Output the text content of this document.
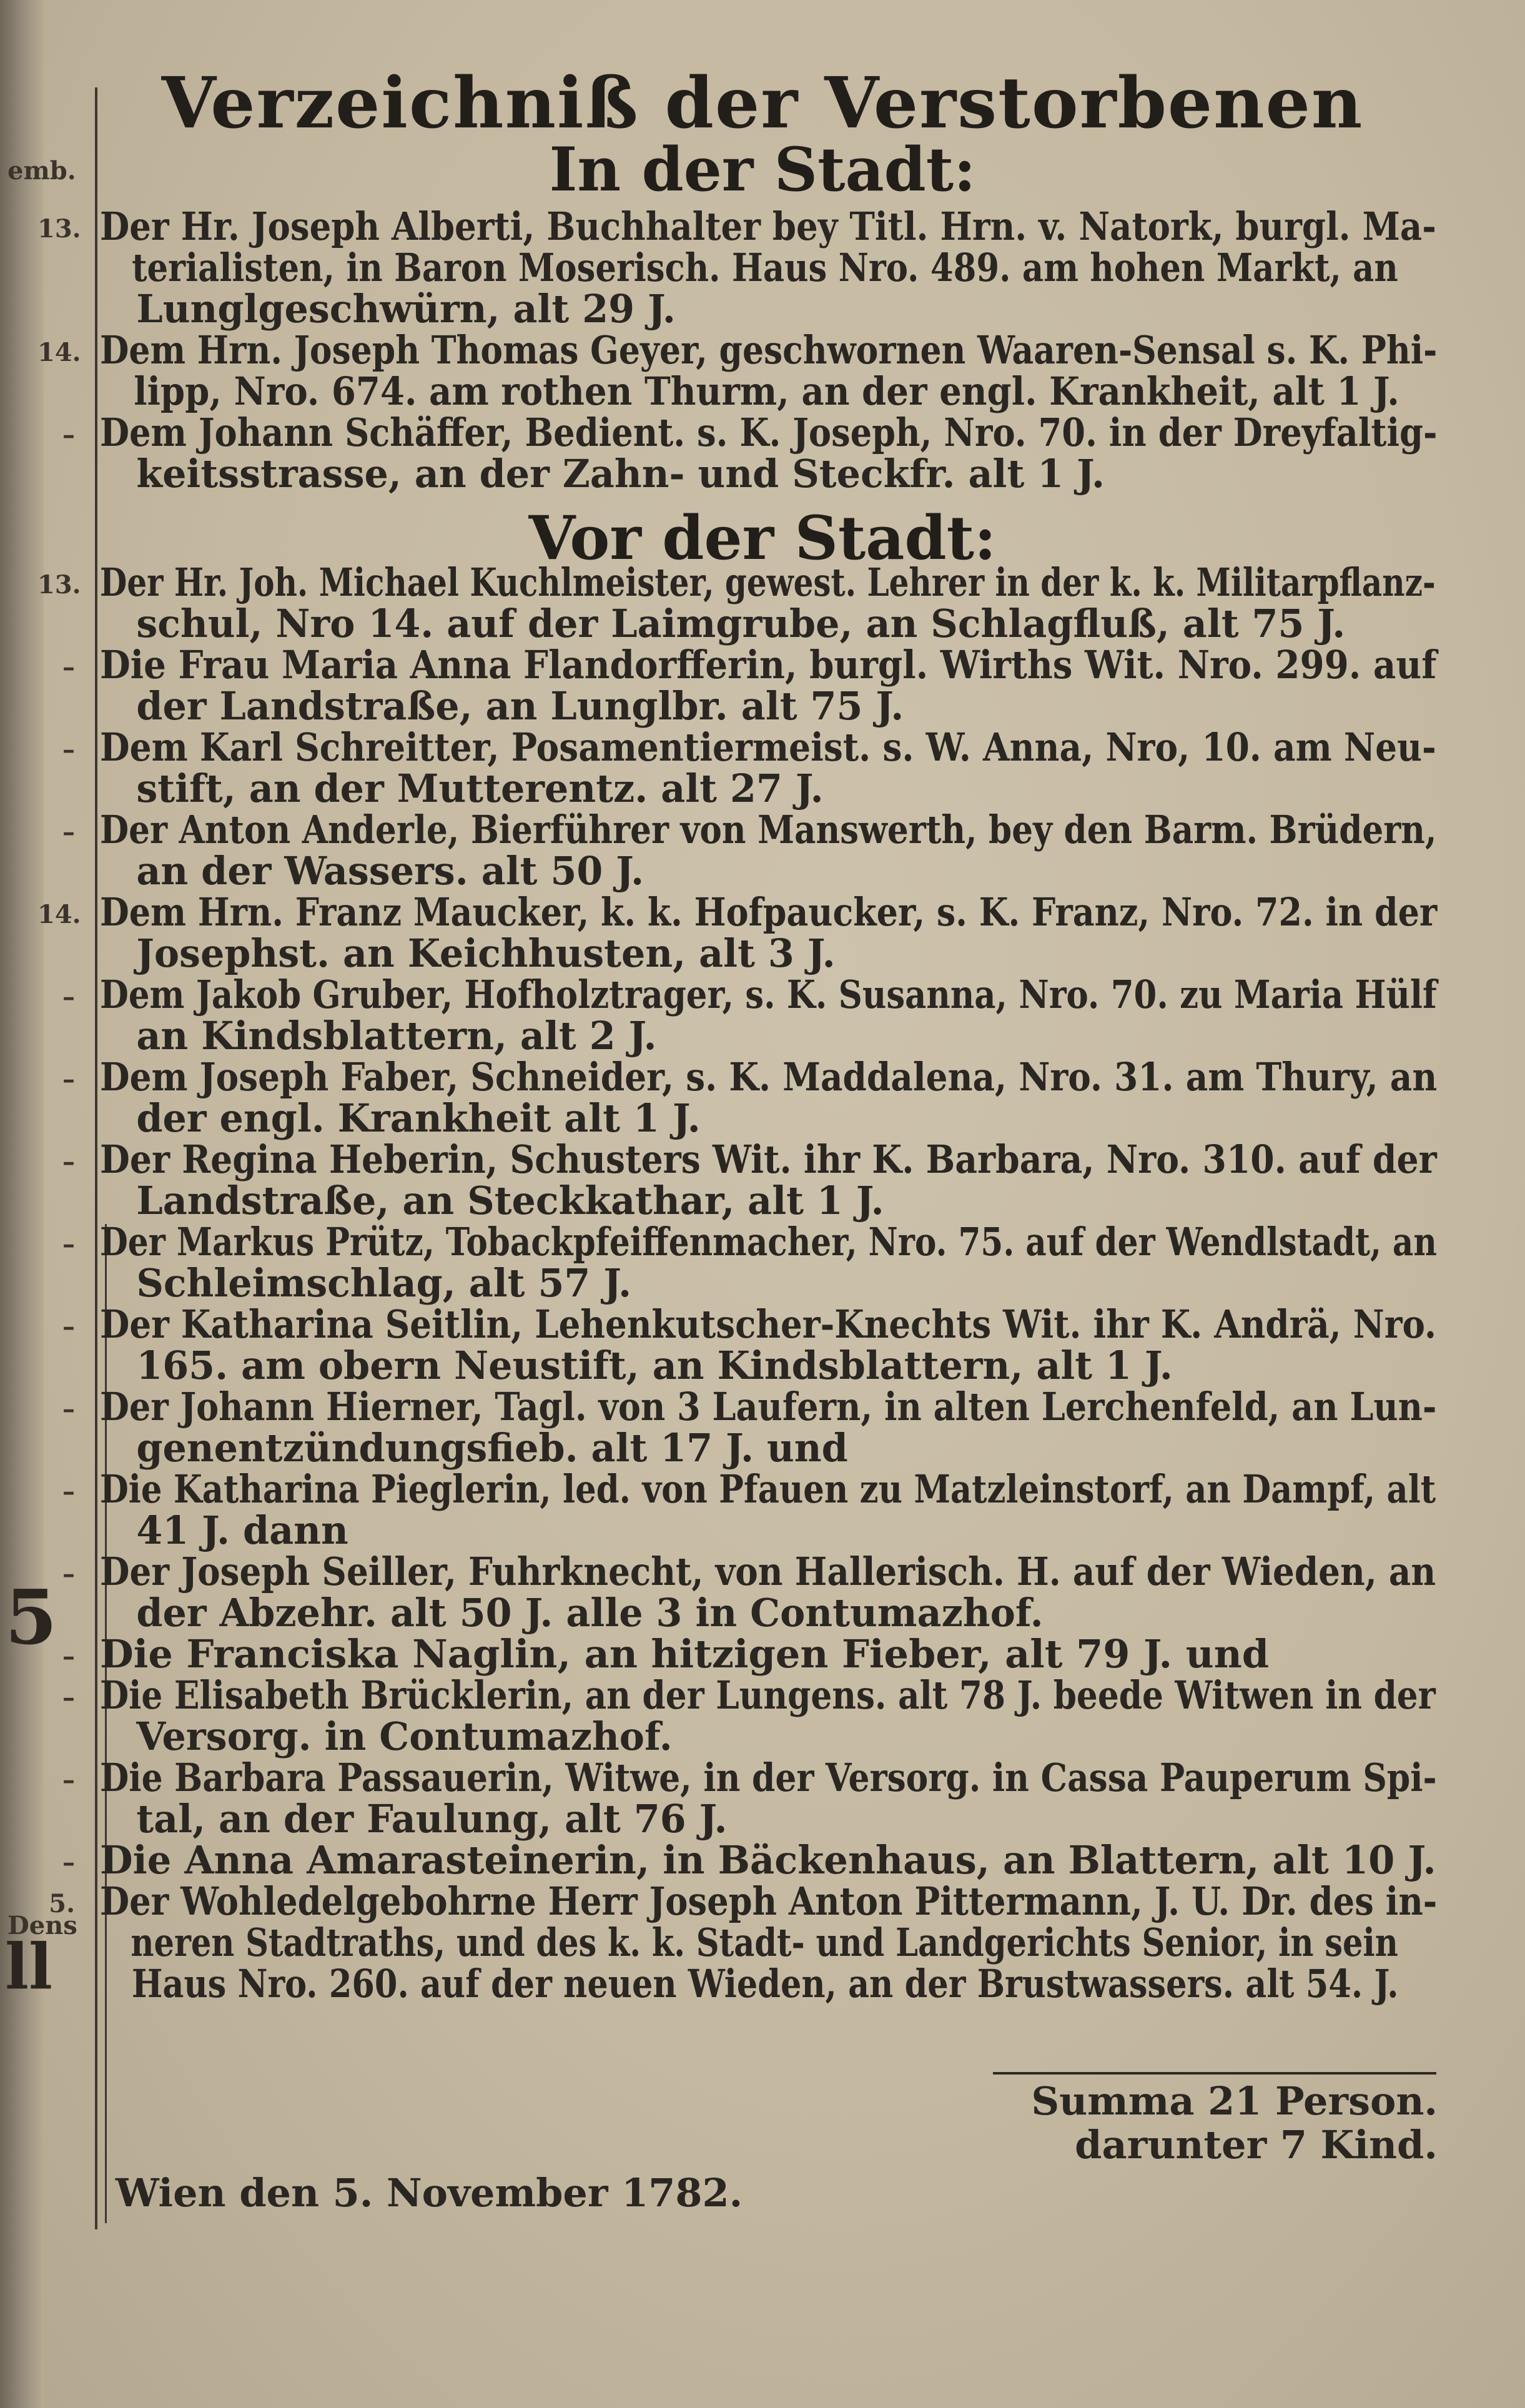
emb.
5
Dens
ll
Verzeichniß der Verstorbenen
In der Stadt:
13. Der Hr. Joseph Alberti, Buchhalter bey Titl. Hrn. v. Natork, burgl. Ma-
terialisten, in Baron Moserisch. Haus Nro. 489. am hohen Markt, an
Lunglgeschwürn, alt 29 J.
14. Dem Hrn. Joseph Thomas Geyer, geschwornen Waaren-Sensal s. K. Phi-
lipp, Nro. 674. am rothen Thurm, an der engl. Krankheit, alt 1 J.
– Dem Johann Schäffer, Bedient. s. K. Joseph, Nro. 70. in der Dreyfaltig-
keitsstrasse, an der Zahn- und Steckfr. alt 1 J.
Vor der Stadt:
13. Der Hr. Joh. Michael Kuchlmeister, gewest. Lehrer in der k. k. Militarpflanz-
schul, Nro 14. auf der Laimgrube, an Schlagfluß, alt 75 J.
– Die Frau Maria Anna Flandorfferin, burgl. Wirths Wit. Nro. 299. auf
der Landstraße, an Lunglbr. alt 75 J.
– Dem Karl Schreitter, Posamentiermeist. s. W. Anna, Nro, 10. am Neu-
stift, an der Mutterentz. alt 27 J.
– Der Anton Anderle, Bierführer von Manswerth, bey den Barm. Brüdern,
an der Wassers. alt 50 J.
14. Dem Hrn. Franz Maucker, k. k. Hofpaucker, s. K. Franz, Nro. 72. in der
Josephst. an Keichhusten, alt 3 J.
– Dem Jakob Gruber, Hofholztrager, s. K. Susanna, Nro. 70. zu Maria Hülf
an Kindsblattern, alt 2 J.
– Dem Joseph Faber, Schneider, s. K. Maddalena, Nro. 31. am Thury, an
der engl. Krankheit alt 1 J.
– Der Regina Heberin, Schusters Wit. ihr K. Barbara, Nro. 310. auf der
Landstraße, an Steckkathar, alt 1 J.
– Der Markus Prütz, Tobackpfeiffenmacher, Nro. 75. auf der Wendlstadt, an
Schleimschlag, alt 57 J.
– Der Katharina Seitlin, Lehenkutscher-Knechts Wit. ihr K. Andrä, Nro.
165. am obern Neustift, an Kindsblattern, alt 1 J.
– Der Johann Hierner, Tagl. von 3 Laufern, in alten Lerchenfeld, an Lun-
genentzündungsfieb. alt 17 J. und
– Die Katharina Pieglerin, led. von Pfauen zu Matzleinstorf, an Dampf, alt
41 J. dann
– Der Joseph Seiller, Fuhrknecht, von Hallerisch. H. auf der Wieden, an
der Abzehr. alt 50 J. alle 3 in Contumazhof.
– Die Franciska Naglin, an hitzigen Fieber, alt 79 J. und
– Die Elisabeth Brücklerin, an der Lungens. alt 78 J. beede Witwen in der
Versorg. in Contumazhof.
– Die Barbara Passauerin, Witwe, in der Versorg. in Cassa Pauperum Spi-
tal, an der Faulung, alt 76 J.
– Die Anna Amarasteinerin, in Bäckenhaus, an Blattern, alt 10 J.
5. Der Wohledelgebohrne Herr Joseph Anton Pittermann, J. U. Dr. des in-
neren Stadtraths, und des k. k. Stadt- und Landgerichts Senior, in sein
Haus Nro. 260. auf der neuen Wieden, an der Brustwassers. alt 54. J.
Summa 21 Person.
darunter 7 Kind.
Wien den 5. November 1782.
